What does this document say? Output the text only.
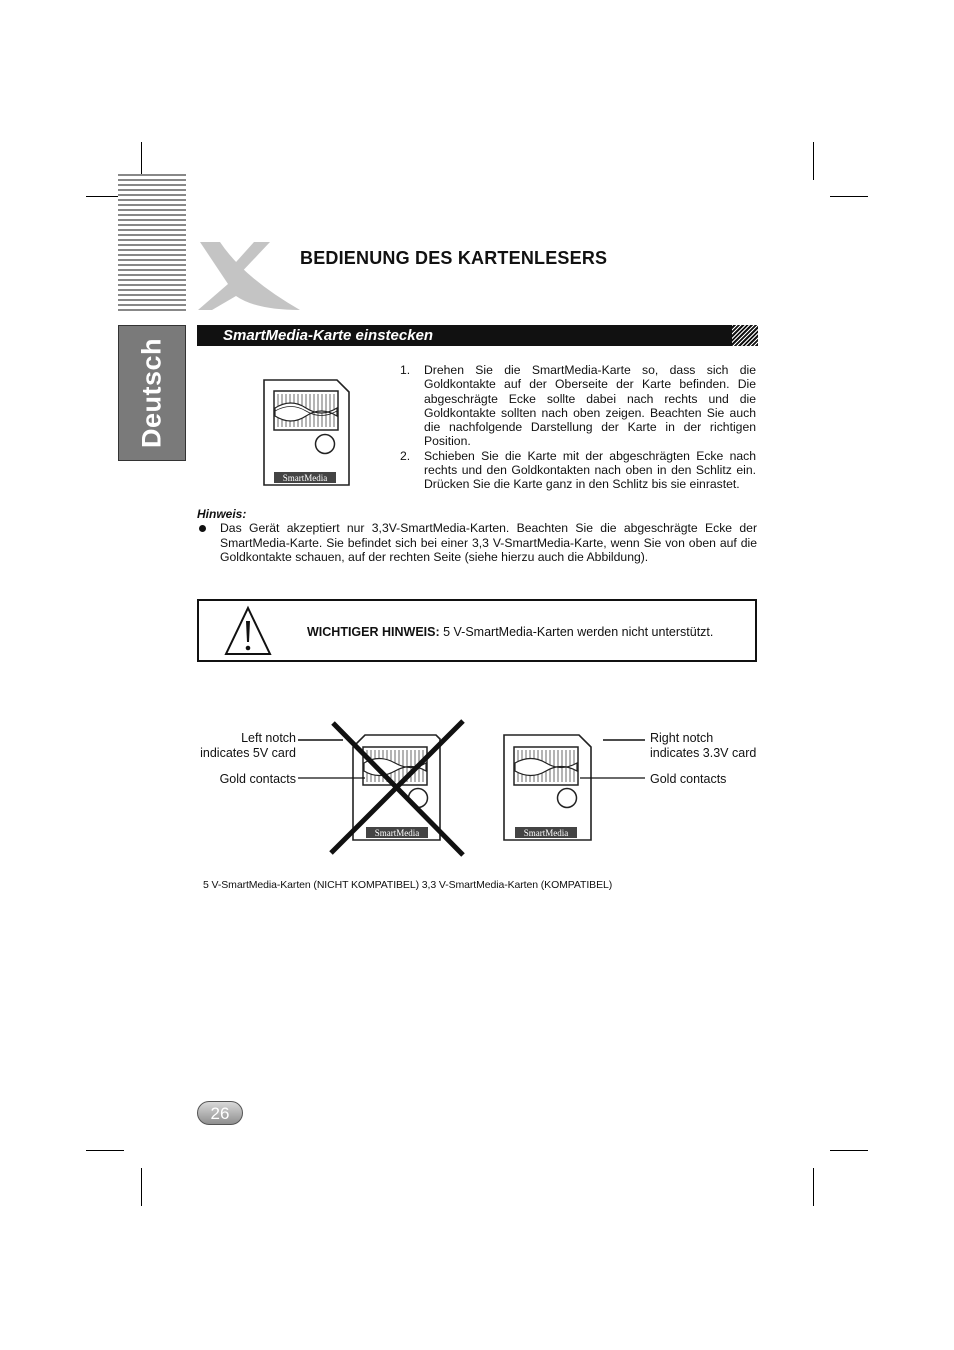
Deutsch
BEDIENUNG DES KARTENLESERS
SmartMedia-Karte einstecken
SmartMedia
1. Drehen Sie die SmartMedia-Karte so, dass sich die Goldkontakte auf der Oberseite der Karte befinden. Die abgeschrägte Ecke sollte dabei nach rechts und die Goldkontakte sollten nach oben zeigen. Beachten Sie auch die nachfolgende Darstellung der Karte in der richtigen Position.
2. Schieben Sie die Karte mit der abgeschrägten Ecke nach rechts und den Goldkontakten nach oben in den Schlitz ein. Drücken Sie die Karte ganz in den Schlitz bis sie einrastet.
Hinweis:
Das Gerät akzeptiert nur 3,3V-SmartMedia-Karten. Beachten Sie die abgeschrägte Ecke der SmartMedia-Karte. Sie befindet sich bei einer 3,3 V-SmartMedia-Karte, wenn Sie von oben auf die Goldkontakte schauen, auf der rechten Seite (siehe hierzu auch die Abbildung).
WICHTIGER HINWEIS: 5 V-SmartMedia-Karten werden nicht unterstützt.
SmartMedia	SmartMedia
Left notch
indicates 5V card
Gold contacts
Right notch
indicates 3.3V card
Gold contacts
5 V-SmartMedia-Karten (NICHT KOMPATIBEL) 3,3 V-SmartMedia-Karten (KOMPATIBEL)
26
